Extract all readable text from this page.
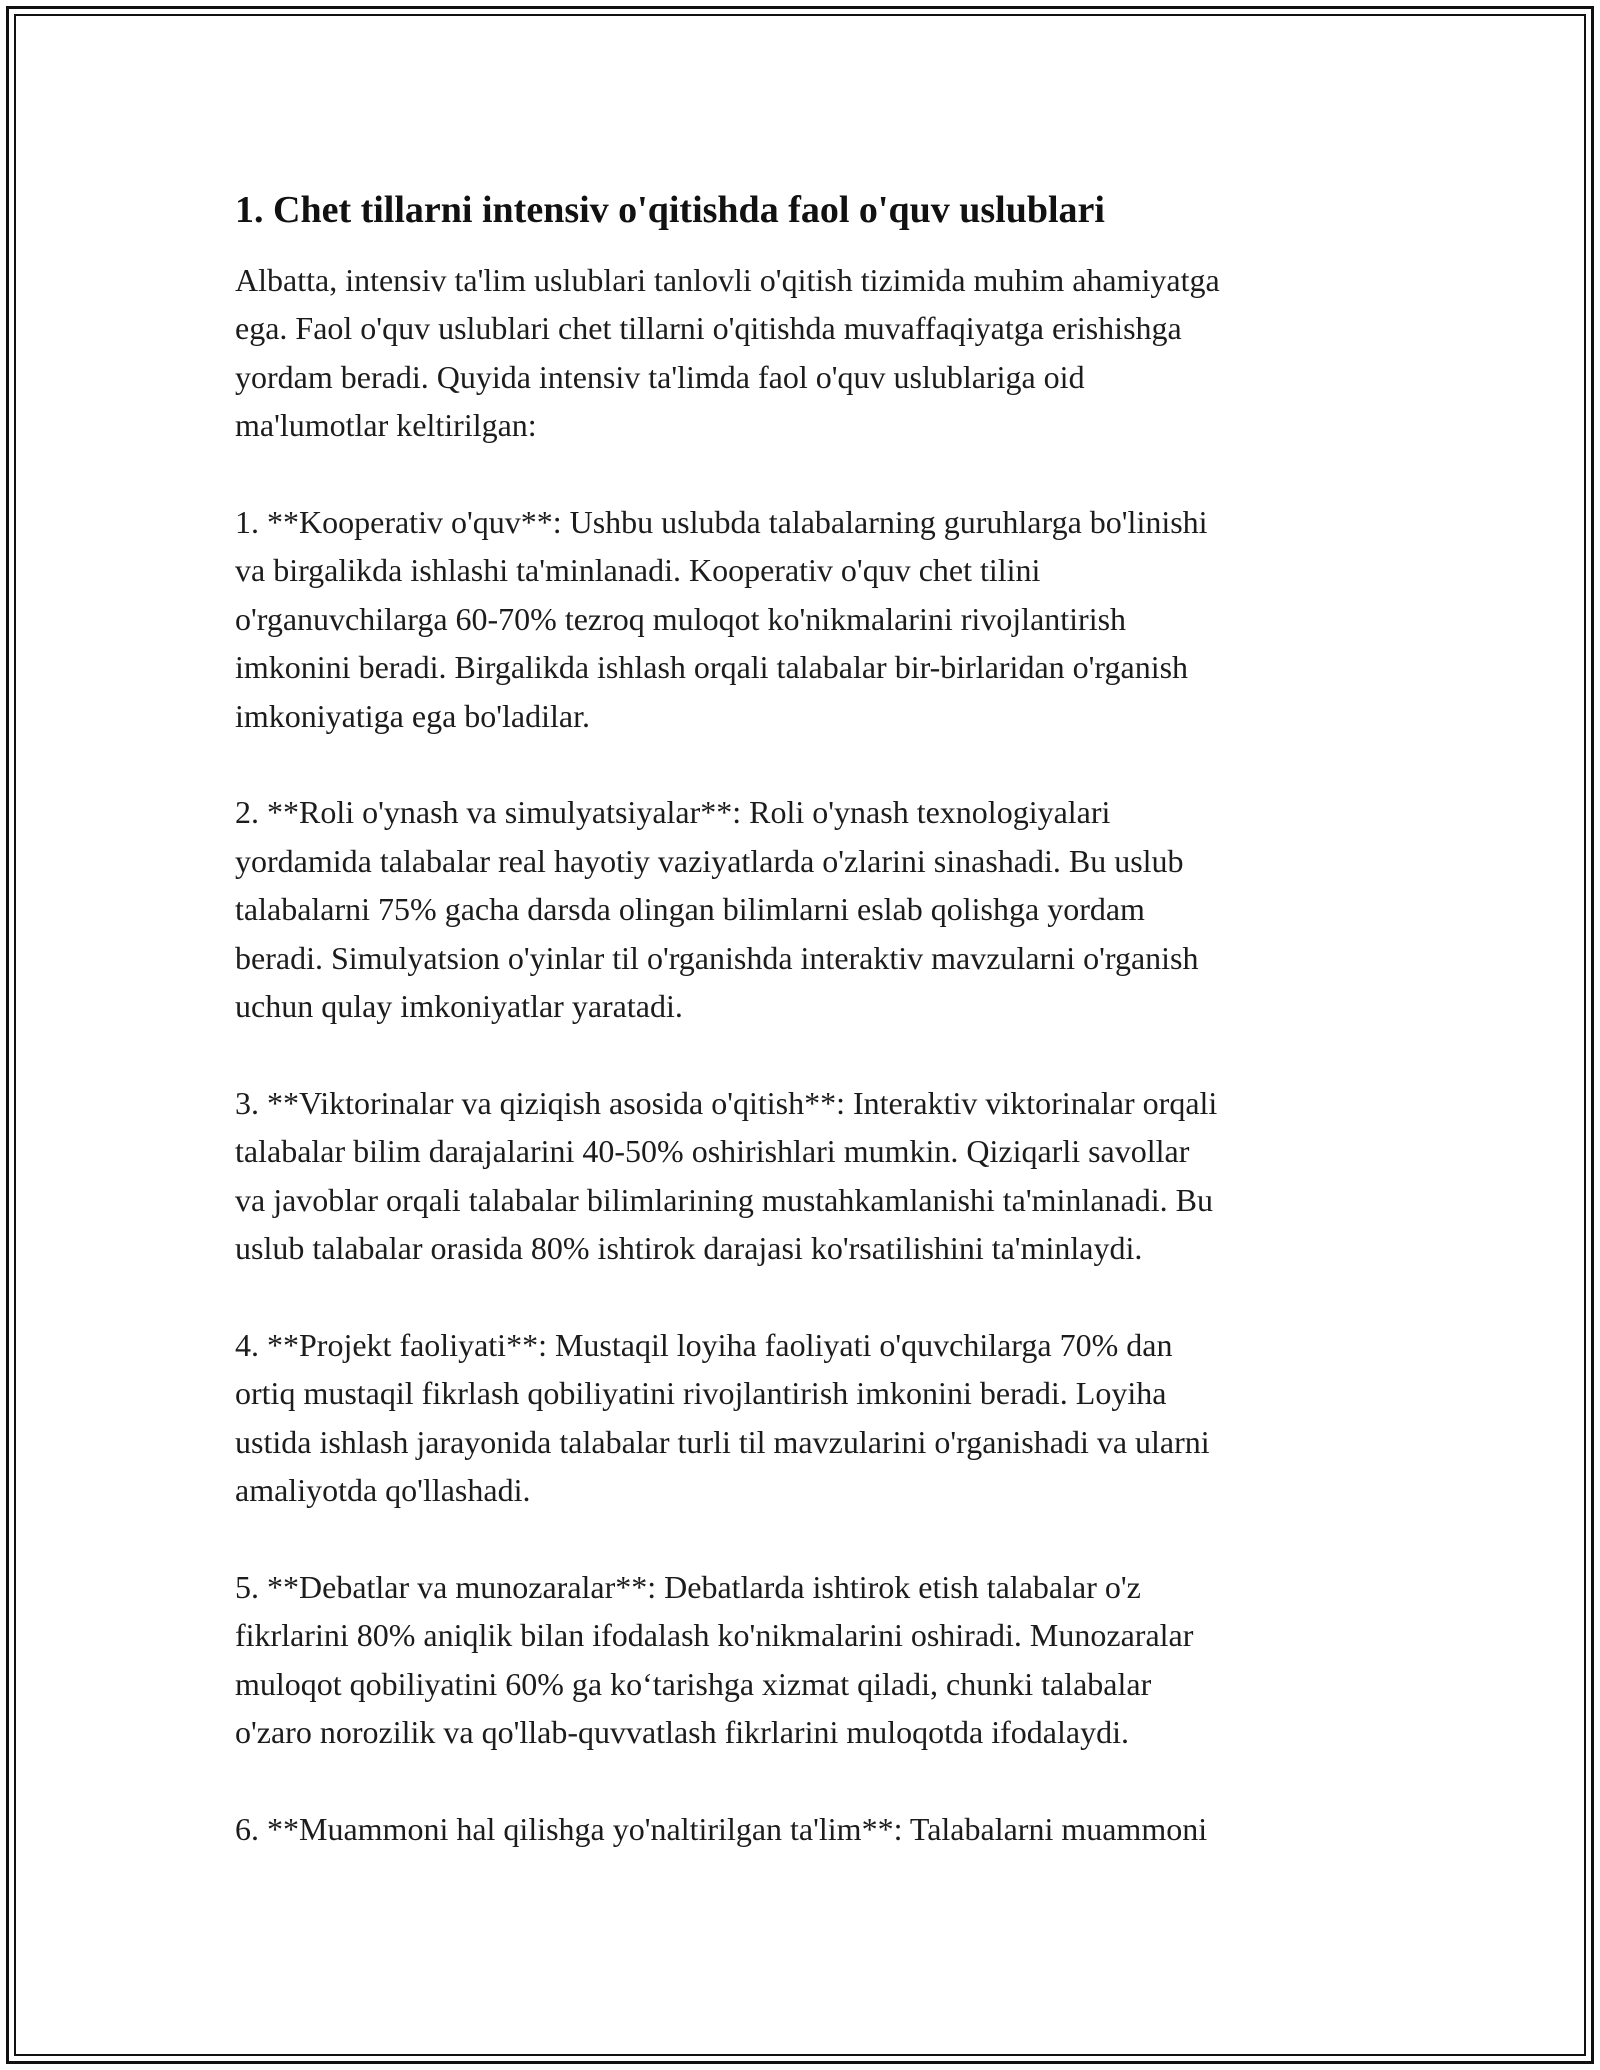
1. Chet tillarni intensiv o'qitishda faol o'quv uslublari

Albatta, intensiv ta'lim uslublari tanlovli o'qitish tizimida muhim ahamiyatga
ega. Faol o'quv uslublari chet tillarni o'qitishda muvaffaqiyatga erishishga
yordam beradi. Quyida intensiv ta'limda faol o'quv uslublariga oid
ma'lumotlar keltirilgan:

1. **Kooperativ o'quv**: Ushbu uslubda talabalarning guruhlarga bo'linishi
va birgalikda ishlashi ta'minlanadi. Kooperativ o'quv chet tilini
o'rganuvchilarga 60-70% tezroq muloqot ko'nikmalarini rivojlantirish
imkonini beradi. Birgalikda ishlash orqali talabalar bir-birlaridan o'rganish
imkoniyatiga ega bo'ladilar.

2. **Roli o'ynash va simulyatsiyalar**: Roli o'ynash texnologiyalari
yordamida talabalar real hayotiy vaziyatlarda o'zlarini sinashadi. Bu uslub
talabalarni 75% gacha darsda olingan bilimlarni eslab qolishga yordam
beradi. Simulyatsion o'yinlar til o'rganishda interaktiv mavzularni o'rganish
uchun qulay imkoniyatlar yaratadi.

3. **Viktorinalar va qiziqish asosida o'qitish**: Interaktiv viktorinalar orqali
talabalar bilim darajalarini 40-50% oshirishlari mumkin. Qiziqarli savollar
va javoblar orqali talabalar bilimlarining mustahkamlanishi ta'minlanadi. Bu
uslub talabalar orasida 80% ishtirok darajasi ko'rsatilishini ta'minlaydi.

4. **Projekt faoliyati**: Mustaqil loyiha faoliyati o'quvchilarga 70% dan
ortiq mustaqil fikrlash qobiliyatini rivojlantirish imkonini beradi. Loyiha
ustida ishlash jarayonida talabalar turli til mavzularini o'rganishadi va ularni
amaliyotda qo'llashadi.

5. **Debatlar va munozaralar**: Debatlarda ishtirok etish talabalar o'z
fikrlarini 80% aniqlik bilan ifodalash ko'nikmalarini oshiradi. Munozaralar
muloqot qobiliyatini 60% ga ko‘tarishga xizmat qiladi, chunki talabalar
o'zaro norozilik va qo'llab-quvvatlash fikrlarini muloqotda ifodalaydi.

6. **Muammoni hal qilishga yo'naltirilgan ta'lim**: Talabalarni muammoni
